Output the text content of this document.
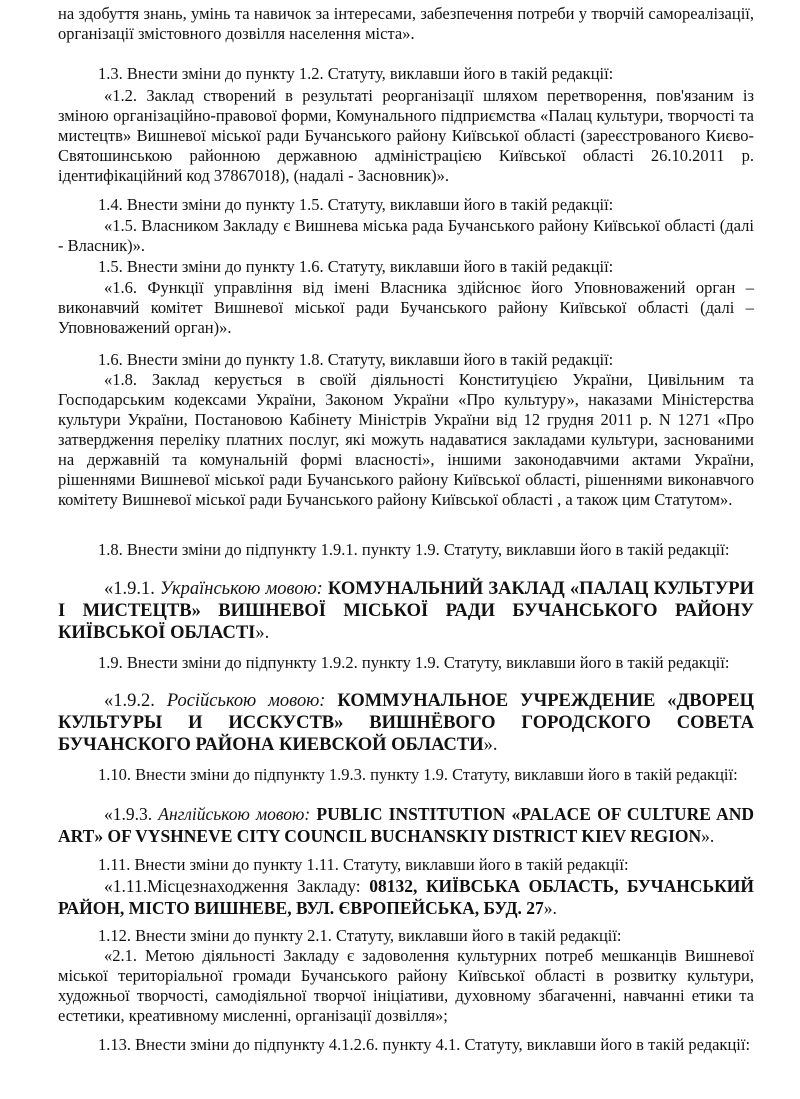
на здобуття знань, умінь та навичок за інтересами, забезпечення потреби у творчій самореалізації, організації змістовного дозвілля населення міста».

1.3. Внести зміни до пункту 1.2. Статуту, виклавши його в такій редакції:

«1.2. Заклад створений в результаті реорганізації шляхом перетворення, пов'язаним із зміною організаційно-правової форми, Комунального підприємства «Палац культури, творчості та мистецтв» Вишневої міської ради Бучанського району Київської області (зареєстрованого Києво-Святошинською районною державною адміністрацією Київської області 26.10.2011 р. ідентифікаційний код 37867018), (надалі - Засновник)».

1.4. Внести зміни до пункту 1.5. Статуту, виклавши його в такій редакції:

«1.5. Власником Закладу є Вишнева міська рада Бучанського району Київської області (далі - Власник)».

1.5. Внести зміни до пункту 1.6. Статуту, виклавши його в такій редакції:

«1.6. Функції управління від імені Власника здійснює його Уповноважений орган – виконавчий комітет Вишневої міської ради Бучанського району Київської області (далі – Уповноважений орган)».

1.6. Внести зміни до пункту 1.8. Статуту, виклавши його в такій редакції:

«1.8. Заклад керується в своїй діяльності Конституцією України, Цивільним та Господарським кодексами України, Законом України «Про культуру», наказами Міністерства культури України, Постановою Кабінету Міністрів України від 12 грудня 2011 р. N 1271 «Про затвердження переліку платних послуг, які можуть надаватися закладами культури, заснованими на державній та комунальній формі власності», іншими законодавчими актами України, рішеннями Вишневої міської ради Бучанського району Київської області, рішеннями виконавчого комітету Вишневої міської ради Бучанського району Київської області , а також цим Статутом».

1.8. Внести зміни до підпункту 1.9.1. пункту 1.9. Статуту, виклавши його в такій редакції:

«1.9.1. Українською мовою: КОМУНАЛЬНИЙ ЗАКЛАД «ПАЛАЦ КУЛЬТУРИ І МИСТЕЦТВ» ВИШНЕВОЇ МІСЬКОЇ РАДИ БУЧАНСЬКОГО РАЙОНУ КИЇВСЬКОЇ ОБЛАСТІ».

1.9. Внести зміни до підпункту 1.9.2. пункту 1.9. Статуту, виклавши його в такій редакції:

«1.9.2. Російською мовою: КОММУНАЛЬНОЕ УЧРЕЖДЕНИЕ «ДВОРЕЦ КУЛЬТУРЫ И ИССКУСТВ» ВИШНЁВОГО ГОРОДСКОГО СОВЕТА БУЧАНСКОГО РАЙОНА КИЕВСКОЙ ОБЛАСТИ».

1.10. Внести зміни до підпункту 1.9.3. пункту 1.9. Статуту, виклавши його в такій редакції:

«1.9.3. Англійською мовою: PUBLIC INSTITUTION «PALACE OF CULTURE AND ART» OF VYSHNEVE CITY COUNCIL BUCHANSKIY DISTRICT KIEV REGION».

1.11. Внести зміни до пункту 1.11. Статуту, виклавши його в такій редакції:

«1.11.Місцезнаходження Закладу: 08132, КИЇВСЬКА ОБЛАСТЬ, БУЧАНСЬКИЙ РАЙОН, МІСТО ВИШНЕВЕ, ВУЛ. ЄВРОПЕЙСЬКА, БУД. 27».

1.12. Внести зміни до пункту 2.1. Статуту, виклавши його в такій редакції:

«2.1. Метою діяльності Закладу є задоволення культурних потреб мешканців Вишневої міської територіальної громади Бучанського району Київської області в розвитку культури, художньої творчості, самодіяльної творчої ініціативи, духовному збагаченні, навчанні етики та естетики, креативному мисленні, організації дозвілля»;

1.13. Внести зміни до підпункту 4.1.2.6. пункту 4.1. Статуту, виклавши його в такій редакції:
